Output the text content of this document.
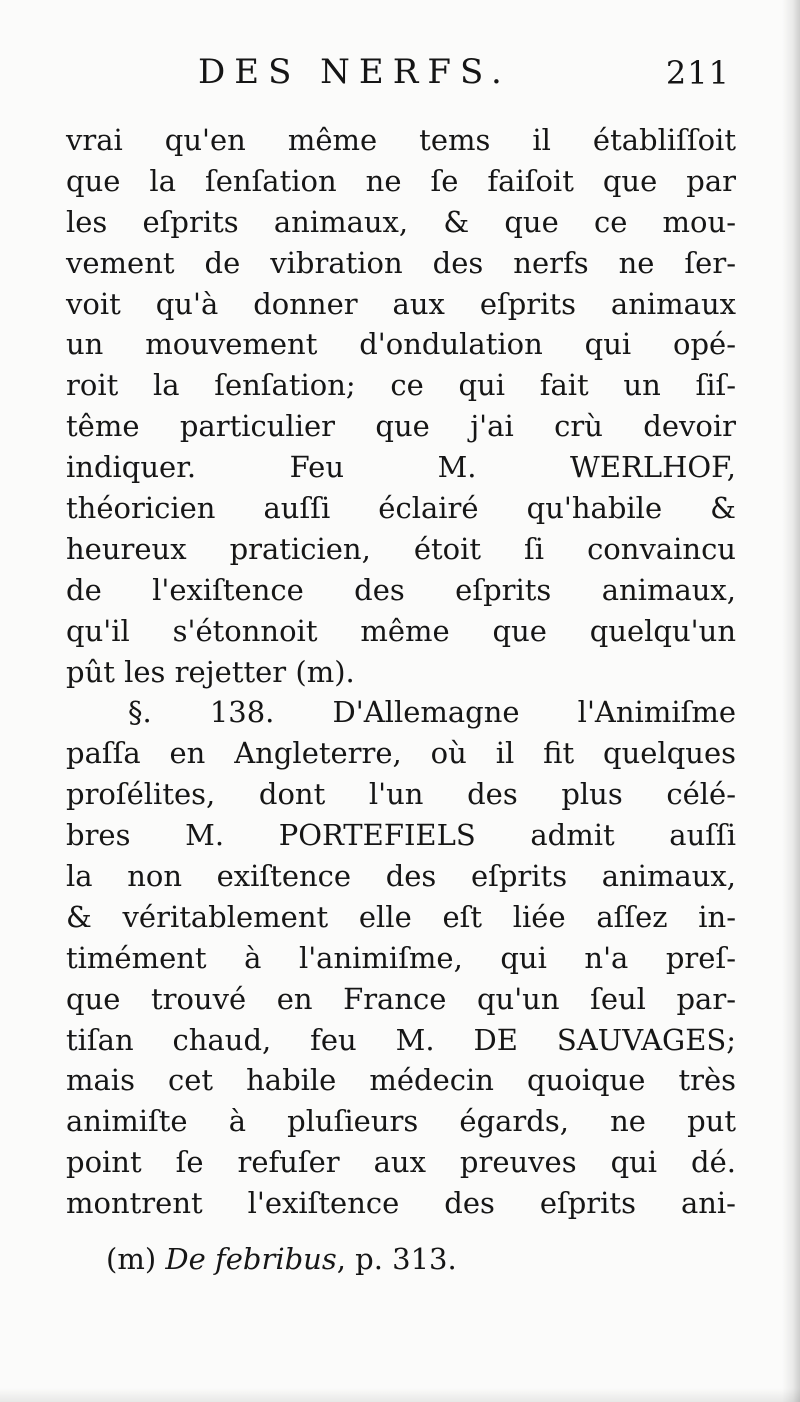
DES NERFS.	211
vrai qu'en même tems il établiſſoit
que la ſenſation ne ſe faiſoit que par
les eſprits animaux, & que ce mou-
vement de vibration des nerfs ne ſer-
voit qu'à donner aux eſprits animaux
un mouvement d'ondulation qui opé-
roit la ſenſation; ce qui fait un ſiſ-
tême particulier que j'ai crù devoir
indiquer. Feu M. WERLHOF,
théoricien auſſi éclairé qu'habile &
heureux praticien, étoit ſi convaincu
de l'exiſtence des eſprits animaux,
qu'il s'étonnoit même que quelqu'un
pût les rejetter (m).
§. 138. D'Allemagne l'Animiſme
paſſa en Angleterre, où il fit quelques
proſélites, dont l'un des plus célé-
bres M. PORTEFIELS admit auſſi
la non exiſtence des eſprits animaux,
& véritablement elle eſt liée aſſez in-
timément à l'animiſme, qui n'a preſ-
que trouvé en France qu'un ſeul par-
tiſan chaud, feu M. DE SAUVAGES;
mais cet habile médecin quoique très
animiſte à pluſieurs égards, ne put
point ſe refuſer aux preuves qui dé.
montrent l'exiſtence des eſprits ani-
(m) De febribus, p. 313.
